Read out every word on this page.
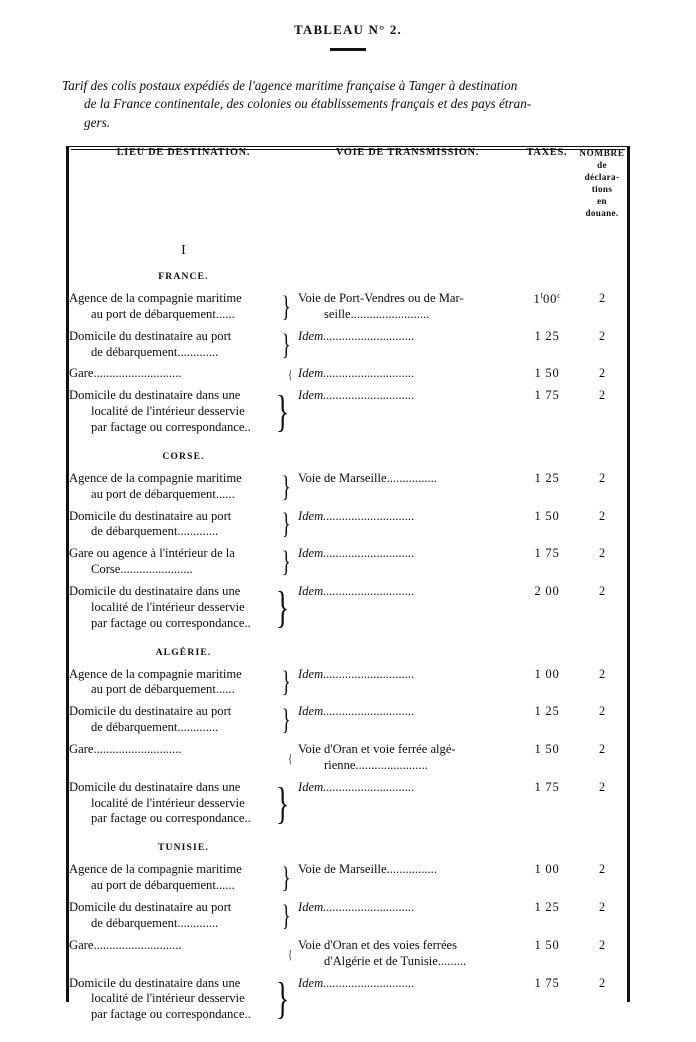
TABLEAU N° 2.
Tarif des colis postaux expédiés de l'agence maritime française à Tanger à destination
de la France continentale, des colonies ou établissements français et des pays étran-
gers.
LIEU DE DESTINATION.	VOIE DE TRANSMISSION.	TAXES.	NOMBRE
de
déclara-
tions
en
douane.

I
FRANCE.			

Agence de la compagnie maritime
au port de débarquement...... }	Voie de Port-Vendres ou de Mar-
seille.........................	1$^f$00$^c$	2

Domicile du destinataire au port
de débarquement............. }	Idem.............................	1 25	2

Gare............................ {	Idem.............................	1 50	2

Domicile du destinataire dans une
localité de l'intérieur desservie
par factage ou correspondance.. }	Idem.............................	1 75	2

CORSE.			

Agence de la compagnie maritime
au port de débarquement...... }	Voie de Marseille................	1 25	2

Domicile du destinataire au port
de débarquement............. }	Idem.............................	1 50	2

Gare ou agence à l'intérieur de la
Corse....................... }	Idem.............................	1 75	2

Domicile du destinataire dans une
localité de l'intérieur desservie
par factage ou correspondance.. }	Idem.............................	2 00	2

ALGÉRIE.			

Agence de la compagnie maritime
au port de débarquement...... }	Idem.............................	1 00	2

Domicile du destinataire au port
de débarquement............. }	Idem.............................	1 25	2

Gare............................
{	Voie d'Oran et voie ferrée algé-
rienne.......................	1 50	2

Domicile du destinataire dans une
localité de l'intérieur desservie
par factage ou correspondance.. }	Idem.............................	1 75	2

TUNISIE.			

Agence de la compagnie maritime
au port de débarquement...... }	Voie de Marseille................	1 00	2

Domicile du destinataire au port
de débarquement............. }	Idem.............................	1 25	2

Gare............................
{	Voie d'Oran et des voies ferrées
d'Algérie et de Tunisie.........	1 50	2

Domicile du destinataire dans une
localité de l'intérieur desservie
par factage ou correspondance.. }	Idem.............................	1 75	2
